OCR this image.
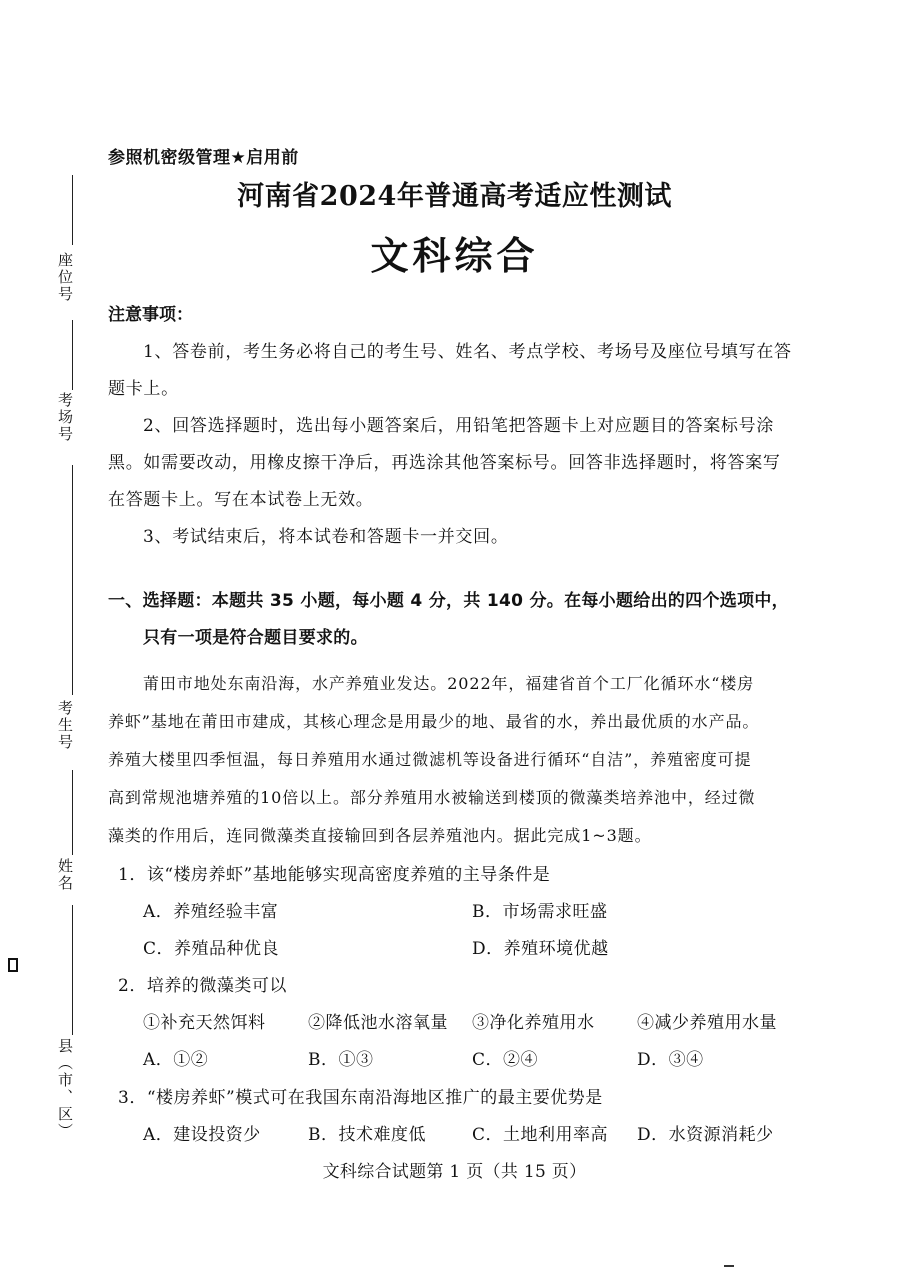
座位号
考场号
考生号
姓名
县（市、区）
参照机密级管理★启用前
河南省2024年普通高考适应性测试
文科综合
注意事项：
1、答卷前，考生务必将自己的考生号、姓名、考点学校、考场号及座位号填写在答
题卡上。
2、回答选择题时，选出每小题答案后，用铅笔把答题卡上对应题目的答案标号涂
黑。如需要改动，用橡皮擦干净后，再选涂其他答案标号。回答非选择题时，将答案写
在答题卡上。写在本试卷上无效。
3、考试结束后，将本试卷和答题卡一并交回。
一、选择题：本题共 35 小题，每小题 4 分，共 140 分。在每小题给出的四个选项中，
只有一项是符合题目要求的。
莆田市地处东南沿海，水产养殖业发达。2022年，福建省首个工厂化循环水“楼房
养虾”基地在莆田市建成，其核心理念是用最少的地、最省的水，养出最优质的水产品。
养殖大楼里四季恒温，每日养殖用水通过微滤机等设备进行循环“自洁”，养殖密度可提
高到常规池塘养殖的10倍以上。部分养殖用水被输送到楼顶的微藻类培养池中，经过微
藻类的作用后，连同微藻类直接输回到各层养殖池内。据此完成1~3题。
1．该“楼房养虾”基地能够实现高密度养殖的主导条件是
A．养殖经验丰富	B．市场需求旺盛
C．养殖品种优良	D．养殖环境优越
2．培养的微藻类可以
①补充天然饵料	②降低池水溶氧量 ③净化养殖用水	④减少养殖用水量
A．①②	B．①③	C．②④	D．③④
3．“楼房养虾”模式可在我国东南沿海地区推广的最主要优势是
A．建设投资少	B．技术难度低	C．土地利用率高 D．水资源消耗少
文科综合试题第 1 页（共 15 页）
